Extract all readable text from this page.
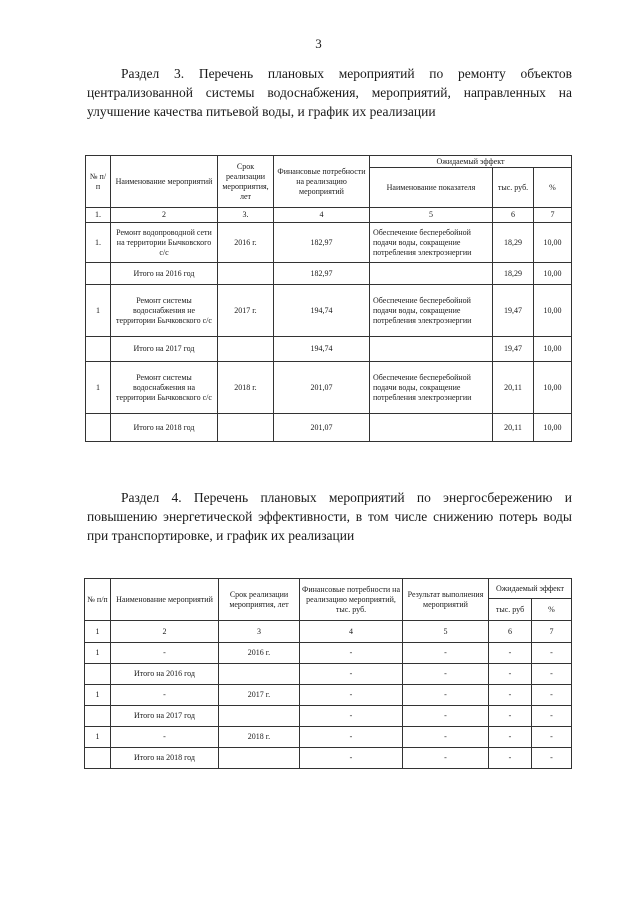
3
Раздел 3. Перечень плановых мероприятий по ремонту объектов централизованной системы водоснабжения, мероприятий, направленных на улучшение качества питьевой воды, и график их реализации
№ п/п	Наименование мероприятий	Срок реализации мероприятия, лет	Финансовые потребности на реализацию мероприятий	Ожидаемый эффект		
				Наименование показателя	тыс. руб.	%
1.	2	3.	4	5	6	7
1.	Ремонт водопроводной сети на территории Бычковского с/с	2016 г.	182,97	Обеспечение бесперебойной подачи воды, сокращение потребления электроэнергии	18,29	10,00
	Итого на 2016 год		182,97		18,29	10,00
1	Ремонт системы водоснабжения не территории Бычковского с/с	2017 г.	194,74	Обеспечение бесперебойной подачи воды, сокращение потребления электроэнергии	19,47	10,00
	Итого на 2017 год		194,74		19,47	10,00
1	Ремонт системы водоснабжения на территории Бычковского с/с	2018 г.	201,07	Обеспечение бесперебойной подачи воды, сокращение потребления электроэнергии	20,11	10,00
	Итого на 2018 год		201,07		20,11	10,00
Раздел 4. Перечень плановых мероприятий по энергосбережению и повышению энергетической эффективности, в том числе снижению потерь воды при транспортировке, и график их реализации
№ п/п	Наименование мероприятий	Срок реализации мероприятия, лет	Финансовые потребности на реализацию мероприятий, тыс. руб.	Результат выполнения мероприятий	Ожидаемый эффект	
					тыс. руб	%
1	2	3	4	5	6	7
1	-	2016 г.	-	-	-	-
	Итого на 2016 год		-	-	-	-
1	-	2017 г.	-	-	-	-
	Итого на 2017 год		-	-	-	-
1	-	2018 г.	-	-	-	-
	Итого на 2018 год		-	-	-	-
